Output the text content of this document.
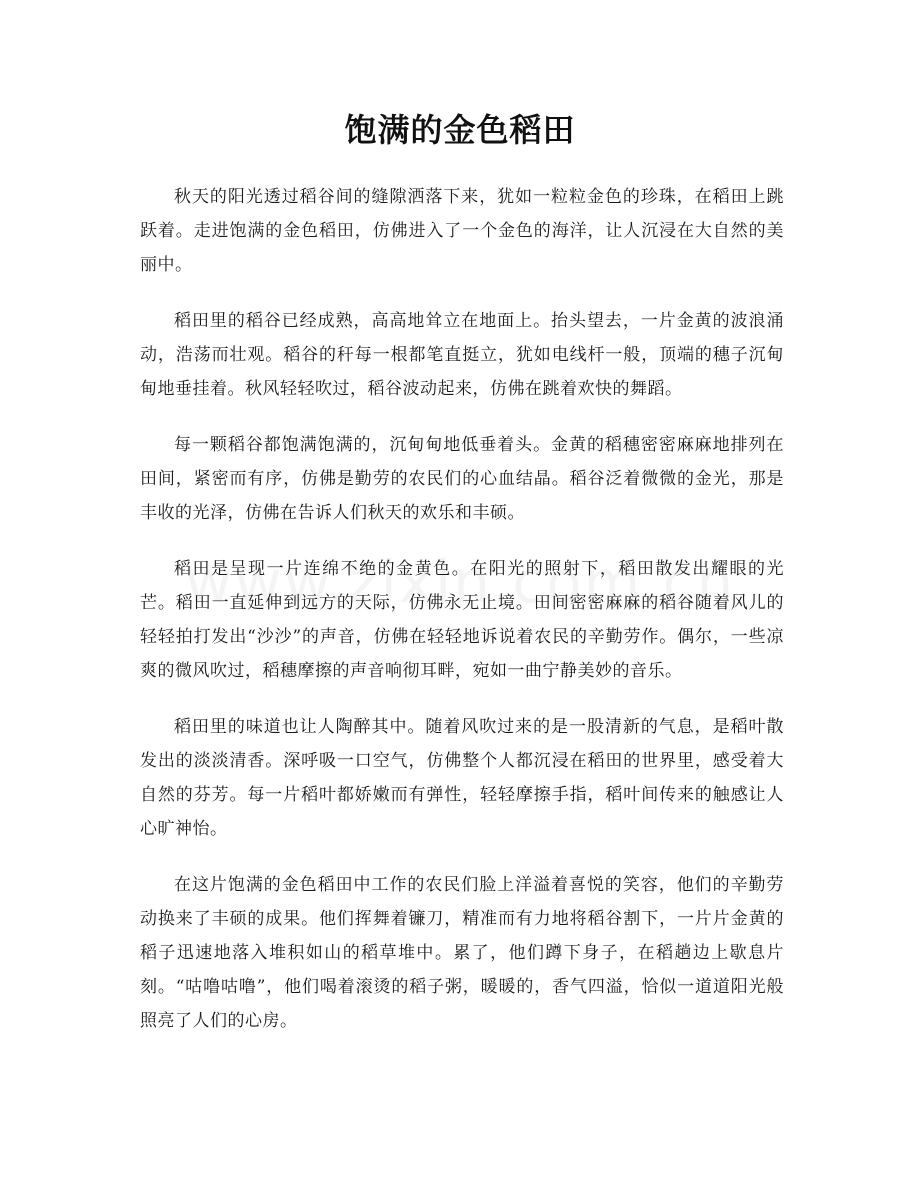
饱满的金色稻田

秋天的阳光透过稻谷间的缝隙洒落下来，犹如一粒粒金色的珍珠，在稻田上跳跃着。走进饱满的金色稻田，仿佛进入了一个金色的海洋，让人沉浸在大自然的美丽中。

稻田里的稻谷已经成熟，高高地耸立在地面上。抬头望去，一片金黄的波浪涌动，浩荡而壮观。稻谷的秆每一根都笔直挺立，犹如电线杆一般，顶端的穗子沉甸甸地垂挂着。秋风轻轻吹过，稻谷波动起来，仿佛在跳着欢快的舞蹈。

每一颗稻谷都饱满饱满的，沉甸甸地低垂着头。金黄的稻穗密密麻麻地排列在田间，紧密而有序，仿佛是勤劳的农民们的心血结晶。稻谷泛着微微的金光，那是丰收的光泽，仿佛在告诉人们秋天的欢乐和丰硕。

稻田是呈现一片连绵不绝的金黄色。在阳光的照射下，稻田散发出耀眼的光芒。稻田一直延伸到远方的天际，仿佛永无止境。田间密密麻麻的稻谷随着风儿的轻轻拍打发出“沙沙”的声音，仿佛在轻轻地诉说着农民的辛勤劳作。偶尔，一些凉爽的微风吹过，稻穗摩擦的声音响彻耳畔，宛如一曲宁静美妙的音乐。

稻田里的味道也让人陶醉其中。随着风吹过来的是一股清新的气息，是稻叶散发出的淡淡清香。深呼吸一口空气，仿佛整个人都沉浸在稻田的世界里，感受着大自然的芬芳。每一片稻叶都娇嫩而有弹性，轻轻摩擦手指，稻叶间传来的触感让人心旷神怡。

在这片饱满的金色稻田中工作的农民们脸上洋溢着喜悦的笑容，他们的辛勤劳动换来了丰硕的成果。他们挥舞着镰刀，精准而有力地将稻谷割下，一片片金黄的稻子迅速地落入堆积如山的稻草堆中。累了，他们蹲下身子，在稻趟边上歇息片刻。“咕噜咕噜”，他们喝着滚烫的稻子粥，暖暖的，香气四溢，恰似一道道阳光般照亮了人们的心房。
